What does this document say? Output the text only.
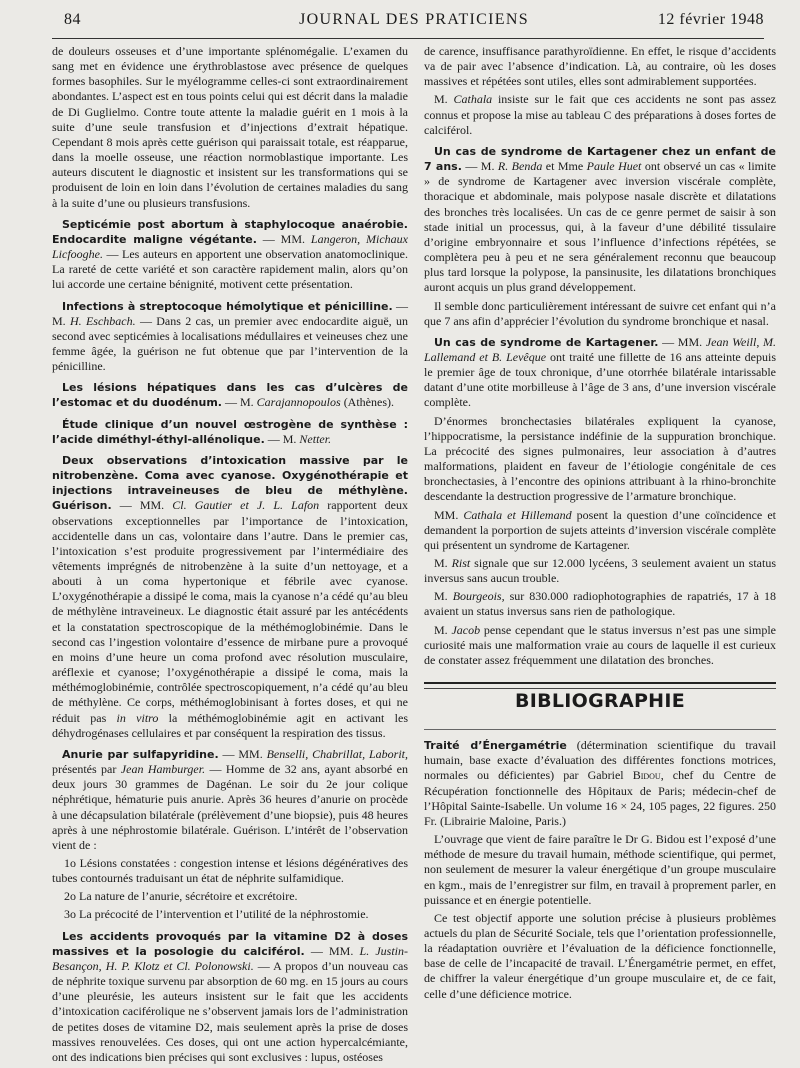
84	JOURNAL DES PRATICIENS	12 février 1948

de douleurs osseuses et d’une importante splénomégalie. L’examen du sang met en évidence une érythroblastose avec présence de quelques formes basophiles. Sur le myélogramme celles-ci sont extraordinairement abondantes. L’aspect est en tous points celui qui est décrit dans la maladie de Di Guglielmo. Contre toute attente la maladie guérit en 1 mois à la suite d’une seule transfusion et d’injections d’extrait hépatique. Cependant 8 mois après cette guérison qui paraissait totale, est réapparue, dans la moelle osseuse, une réaction normoblastique importante. Les auteurs discutent le diagnostic et insistent sur les transformations qui se produisent de loin en loin dans l’évolution de certaines maladies du sang à la suite d’une ou plusieurs transfusions.

Septicémie post abortum à staphylocoque anaérobie. Endocardite maligne végétante. — MM. Langeron, Michaux Licfooghe. — Les auteurs en apportent une observation anatomoclinique. La rareté de cette variété et son caractère rapidement malin, alors qu’on lui accorde une certaine bénignité, motivent cette présentation.

Infections à streptocoque hémolytique et pénicilline. — M. H. Eschbach. — Dans 2 cas, un premier avec endocardite aiguë, un second avec septicémies à localisations médullaires et veineuses chez une femme âgée, la guérison ne fut obtenue que par l’intervention de la pénicilline.

Les lésions hépatiques dans les cas d’ulcères de l’estomac et du duodénum. — M. Carajannopoulos (Athènes).

Étude clinique d’un nouvel œstrogène de synthèse : l’acide diméthyl-éthyl-allénolique. — M. Netter.

Deux observations d’intoxication massive par le nitrobenzène. Coma avec cyanose. Oxygénothérapie et injections intraveineuses de bleu de méthylène. Guérison. — MM. Cl. Gautier et J. L. Lafon rapportent deux observations exceptionnelles par l’importance de l’intoxication, accidentelle dans un cas, volontaire dans l’autre. Dans le premier cas, l’intoxication s’est produite progressivement par l’intermédiaire des vêtements imprégnés de nitrobenzène à la suite d’un nettoyage, et a abouti à un coma hypertonique et fébrile avec cyanose. L’oxygénothérapie a dissipé le coma, mais la cyanose n’a cédé qu’au bleu de méthylène intraveineux. Le diagnostic était assuré par les antécédents et la constatation spectroscopique de la méthémoglobinémie. Dans le second cas l’ingestion volontaire d’essence de mirbane pure a provoqué en moins d’une heure un coma profond avec résolution musculaire, aréflexie et cyanose; l’oxygénothérapie a dissipé le coma, mais la méthémoglobinémie, contrôlée spectroscopiquement, n’a cédé qu’au bleu de méthylène. Ce corps, méthémoglobinisant à fortes doses, et qui ne réduit pas in vitro la méthémoglobinémie agit en activant les déhydrogénases cellulaires et par conséquent la respiration des tissus.

Anurie par sulfapyridine. — MM. Benselli, Chabrillat, Laborit, présentés par Jean Hamburger. — Homme de 32 ans, ayant absorbé en deux jours 30 grammes de Dagénan. Le soir du 2e jour colique néphrétique, hématurie puis anurie. Après 36 heures d’anurie on procède à une décapsulation bilatérale (prélèvement d’une biopsie), puis 48 heures après à une néphrostomie bilatérale. Guérison. L’intérêt de l’observation vient de :

1o Lésions constatées : congestion intense et lésions dégénératives des tubes contournés traduisant un état de néphrite sulfamidique.

2o La nature de l’anurie, sécrétoire et excrétoire.

3o La précocité de l’intervention et l’utilité de la néphrostomie.

Les accidents provoqués par la vitamine D2 à doses massives et la posologie du calciférol. — MM. L. Justin-Besançon, H. P. Klotz et Cl. Polonowski. — A propos d’un nouveau cas de néphrite toxique survenu par absorption de 60 mg. en 15 jours au cours d’une pleurésie, les auteurs insistent sur le fait que les accidents d’intoxication caciférolique ne s’observent jamais lors de l’administration de petites doses de vitamine D2, mais seulement après la prise de doses massives renouvelées. Ces doses, qui ont une action hypercalcémiante, ont des indications bien précises qui sont exclusives : lupus, ostéoses

de carence, insuffisance parathyroïdienne. En effet, le risque d’accidents va de pair avec l’absence d’indication. Là, au contraire, où les doses massives et répétées sont utiles, elles sont admirablement supportées.

M. Cathala insiste sur le fait que ces accidents ne sont pas assez connus et propose la mise au tableau C des préparations à doses fortes de calciférol.

Un cas de syndrome de Kartagener chez un enfant de 7 ans. — M. R. Benda et Mme Paule Huet ont observé un cas « limite » de syndrome de Kartagener avec inversion viscérale complète, thoracique et abdominale, mais polypose nasale discrète et dilatations des bronches très localisées. Un cas de ce genre permet de saisir à son stade initial un processus, qui, à la faveur d’une débilité tissulaire d’origine embryonnaire et sous l’influence d’infections répétées, se complètera peu à peu et ne sera généralement reconnu que beaucoup plus tard lorsque la polypose, la pansinusite, les dilatations bronchiques auront acquis un plus grand développement.

Il semble donc particulièrement intéressant de suivre cet enfant qui n’a que 7 ans afin d’apprécier l’évolution du syndrome bronchique et nasal.

Un cas de syndrome de Kartagener. — MM. Jean Weill, M. Lallemand et B. Levêque ont traité une fillette de 16 ans atteinte depuis le premier âge de toux chronique, d’une otorrhée bilatérale intarissable datant d’une otite morbilleuse à l’âge de 3 ans, d’une inversion viscérale complète.

D’énormes bronchectasies bilatérales expliquent la cyanose, l’hippocratisme, la persistance indéfinie de la suppuration bronchique. La précocité des signes pulmonaires, leur association à d’autres malformations, plaident en faveur de l’étiologie congénitale de ces bronchectasies, à l’encontre des opinions attribuant à la rhino-bronchite descendante la destruction progressive de l’armature bronchique.

MM. Cathala et Hillemand posent la question d’une coïncidence et demandent la porportion de sujets atteints d’inversion viscérale complète qui présentent un syndrome de Kartagener.

M. Rist signale que sur 12.000 lycéens, 3 seulement avaient un status inversus sans aucun trouble.

M. Bourgeois, sur 830.000 radiophotographies de rapatriés, 17 à 18 avaient un status inversus sans rien de pathologique.

M. Jacob pense cependant que le status inversus n’est pas une simple curiosité mais une malformation vraie au cours de laquelle il est curieux de constater assez fréquemment une dilatation des bronches.

BIBLIOGRAPHIE

Traité d’Énergamétrie (détermination scientifique du travail humain, base exacte d’évaluation des différentes fonctions motrices, normales ou déficientes) par Gabriel Bidou, chef du Centre de Récupération fonctionnelle des Hôpitaux de Paris; médecin-chef de l’Hôpital Sainte-Isabelle. Un volume 16 × 24, 105 pages, 22 figures. 250 Fr. (Librairie Maloine, Paris.)

L’ouvrage que vient de faire paraître le Dr G. Bidou est l’exposé d’une méthode de mesure du travail humain, méthode scientifique, qui permet, non seulement de mesurer la valeur énergétique d’un groupe musculaire en kgm., mais de l’enregistrer sur film, en travail à proprement parler, en puissance et en énergie potentielle.

Ce test objectif apporte une solution précise à plusieurs problèmes actuels du plan de Sécurité Sociale, tels que l’orientation professionnelle, la réadaptation ouvrière et l’évaluation de la déficience fonctionnelle, base de celle de l’incapacité de travail. L’Énergamétrie permet, en effet, de chiffrer la valeur énergétique d’un groupe musculaire et, de ce fait, celle d’une déficience motrice.
